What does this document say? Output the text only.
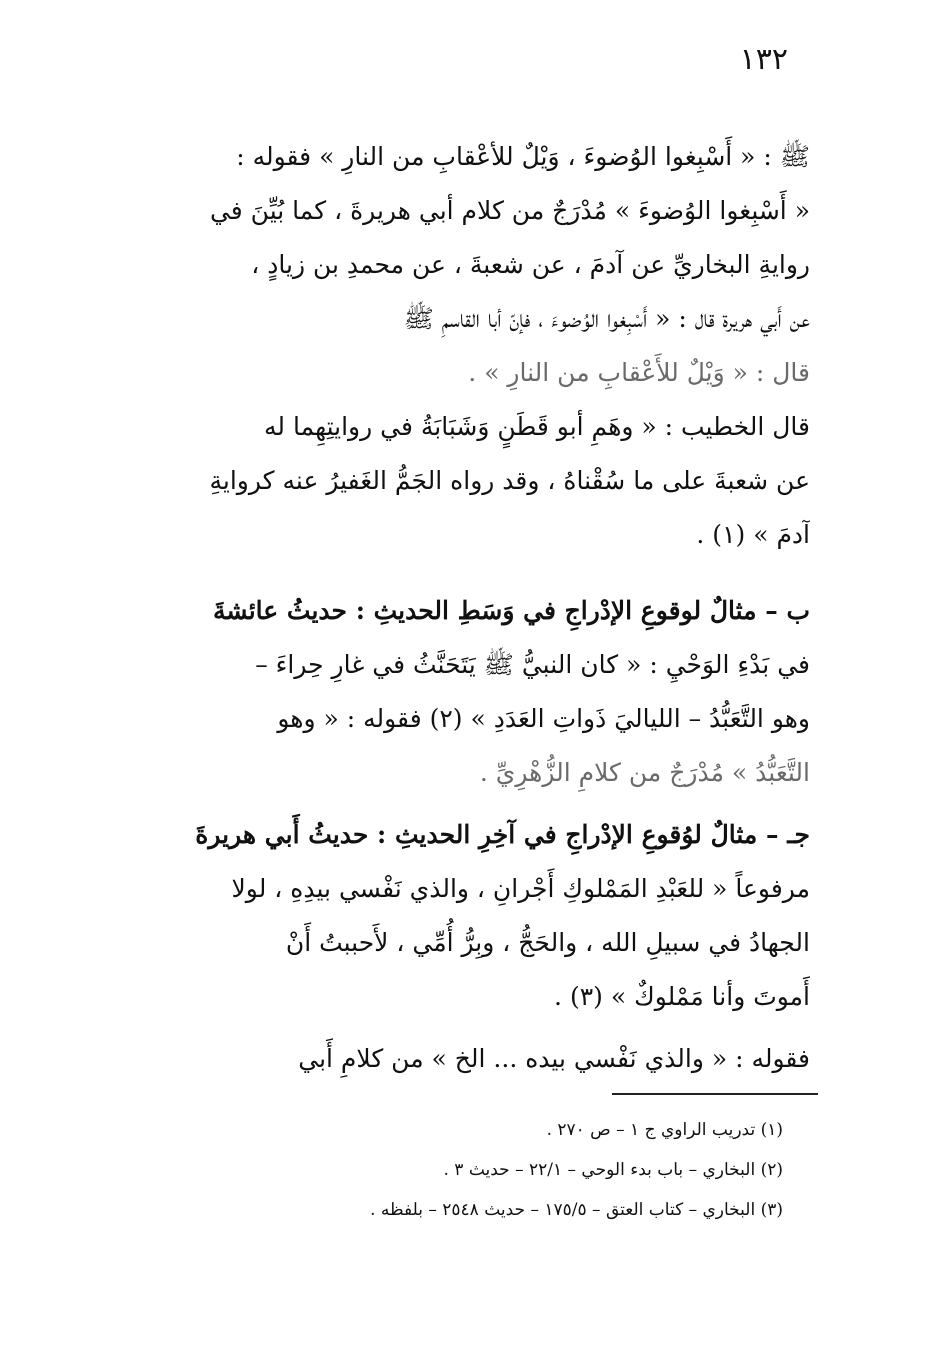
١٣٢
ﷺ : « أَسْبِغوا الوُضوءَ ، وَيْلٌ للأعْقابِ من النارِ » فقوله :
« أَسْبِغوا الوُضوءَ » مُدْرَجٌ من كلام أبي هريرةَ ، كما بُيِّنَ في
روايةِ البخاريِّ عن آدمَ ، عن شعبةَ ، عن محمدِ بن زيادٍ ،
عن أَبي هريرة قال : « أَسْبِغوا الوُضوءَ ، فإنّ أبا القاسمِ ﷺ
قال : « وَيْلٌ للأَعْقابِ من النارِ » .
قال الخطيب : « وهَمِ أبو قَطَنٍ وَشَبَابَةُ في روايتِهِما له
عن شعبةَ على ما سُقْناهُ ، وقد رواه الجَمُّ الغَفيرُ عنه كروايةِ
آدمَ » (١) .
ب – مثالٌ لوقوعِ الإدْراجِ في وَسَطِ الحديثِ : حديثُ عائشةَ
في بَدْءِ الوَحْيِ : « كان النبيُّ ﷺ يَتَحَنَّثُ في غارِ حِراءَ –
وهو التَّعَبُّدُ – اللياليَ ذَواتِ العَدَدِ » (٢) فقوله : « وهو
التَّعَبُّدُ » مُدْرَجٌ من كلامِ الزُّهْرِيِّ .
جـ – مثالٌ لوُقوعِ الإدْراجِ في آخِرِ الحديثِ : حديثُ أَبي هريرةَ
مرفوعاً « للعَبْدِ المَمْلوكِ أَجْرانِ ، والذي نَفْسي بيدِهِ ، لولا
الجهادُ في سبيلِ الله ، والحَجُّ ، وبِرُّ أُمِّي ، لأَحببتُ أَنْ
أَموتَ وأنا مَمْلوكٌ » (٣) .
فقوله : « والذي نَفْسي بيده ... الخ » من كلامِ أَبي
(١) تدريب الراوي ج ١ – ص ٢٧٠ .
(٢) البخاري – باب بدء الوحي – ٢٢/١ – حديث ٣ .
(٣) البخاري – كتاب العتق – ١٧٥/٥ – حديث ٢٥٤٨ – بلفظه .
